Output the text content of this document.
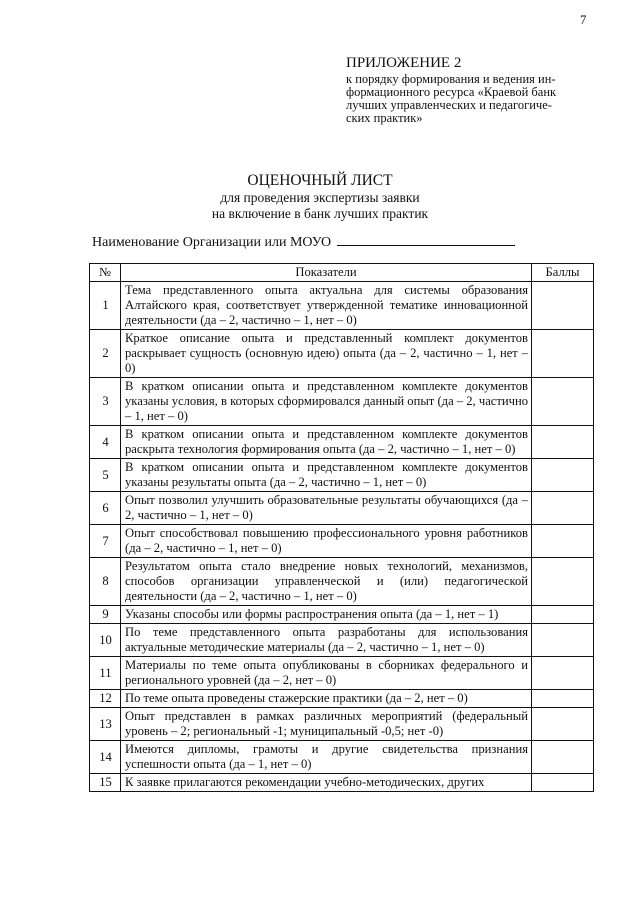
7
ПРИЛОЖЕНИЕ 2
к порядку формирования и ведения ин-
формационного ресурса «Краевой банк
лучших управленческих и педагогиче-
ских практик»
ОЦЕНОЧНЫЙ ЛИСТ
для проведения экспертизы заявки
на включение в банк лучших практик
Наименование Организации или МОУО
№	Показатели	Баллы
1	Тема представленного опыта актуальна для системы образования Алтайского края, соответствует утвержденной тематике инновационной деятельности (да – 2, частично – 1, нет – 0)	
2	Краткое описание опыта и представленный комплект документов раскрывает сущность (основную идею) опыта (да – 2, частично – 1, нет – 0)	
3	В кратком описании опыта и представленном комплекте документов указаны условия, в которых сформировался данный опыт (да – 2, частично – 1, нет – 0)	
4	В кратком описании опыта и представленном комплекте документов раскрыта технология формирования опыта (да – 2, частично – 1, нет – 0)	
5	В кратком описании опыта и представленном комплекте документов указаны результаты опыта (да – 2, частично – 1, нет – 0)	
6	Опыт позволил улучшить образовательные результаты обучающихся (да – 2, частично – 1, нет – 0)	
7	Опыт способствовал повышению профессионального уровня работников (да – 2, частично – 1, нет – 0)	
8	Результатом опыта стало внедрение новых технологий, механизмов, способов организации управленческой и (или) педагогической деятельности (да – 2, частично – 1, нет – 0)	
9	Указаны способы или формы распространения опыта (да – 1, нет – 1)	
10	По теме представленного опыта разработаны для использования актуальные методические материалы (да – 2, частично – 1, нет – 0)	
11	Материалы по теме опыта опубликованы в сборниках федерального и регионального уровней (да – 2, нет – 0)	
12	По теме опыта проведены стажерские практики (да – 2, нет – 0)	
13	Опыт представлен в рамках различных мероприятий (федеральный уровень – 2; региональный -1; муниципальный -0,5; нет -0)	
14	Имеются дипломы, грамоты и другие свидетельства признания успешности опыта (да – 1, нет – 0)	
15	К заявке прилагаются рекомендации учебно-методических, других	
